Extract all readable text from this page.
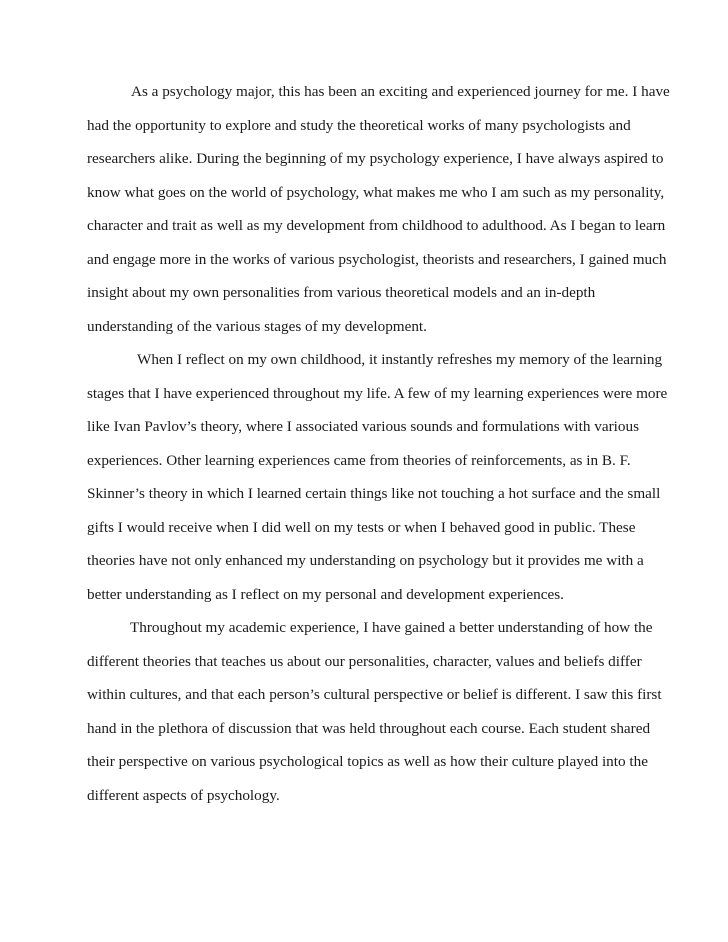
As a psychology major, this has been an exciting and experienced journey for me. I have
had the opportunity to explore and study the theoretical works of many psychologists and
researchers alike. During the beginning of my psychology experience, I have always aspired to
know what goes on the world of psychology, what makes me who I am such as my personality,
character and trait as well as my development from childhood to adulthood. As I began to learn
and engage more in the works of various psychologist, theorists and researchers, I gained much
insight about my own personalities from various theoretical models and an in-depth
understanding of the various stages of my development.
When I reflect on my own childhood, it instantly refreshes my memory of the learning
stages that I have experienced throughout my life. A few of my learning experiences were more
like Ivan Pavlov’s theory, where I associated various sounds and formulations with various
experiences. Other learning experiences came from theories of reinforcements, as in B. F.
Skinner’s theory in which I learned certain things like not touching a hot surface and the small
gifts I would receive when I did well on my tests or when I behaved good in public. These
theories have not only enhanced my understanding on psychology but it provides me with a
better understanding as I reflect on my personal and development experiences.
Throughout my academic experience, I have gained a better understanding of how the
different theories that teaches us about our personalities, character, values and beliefs differ
within cultures, and that each person’s cultural perspective or belief is different. I saw this first
hand in the plethora of discussion that was held throughout each course. Each student shared
their perspective on various psychological topics as well as how their culture played into the
different aspects of psychology.
